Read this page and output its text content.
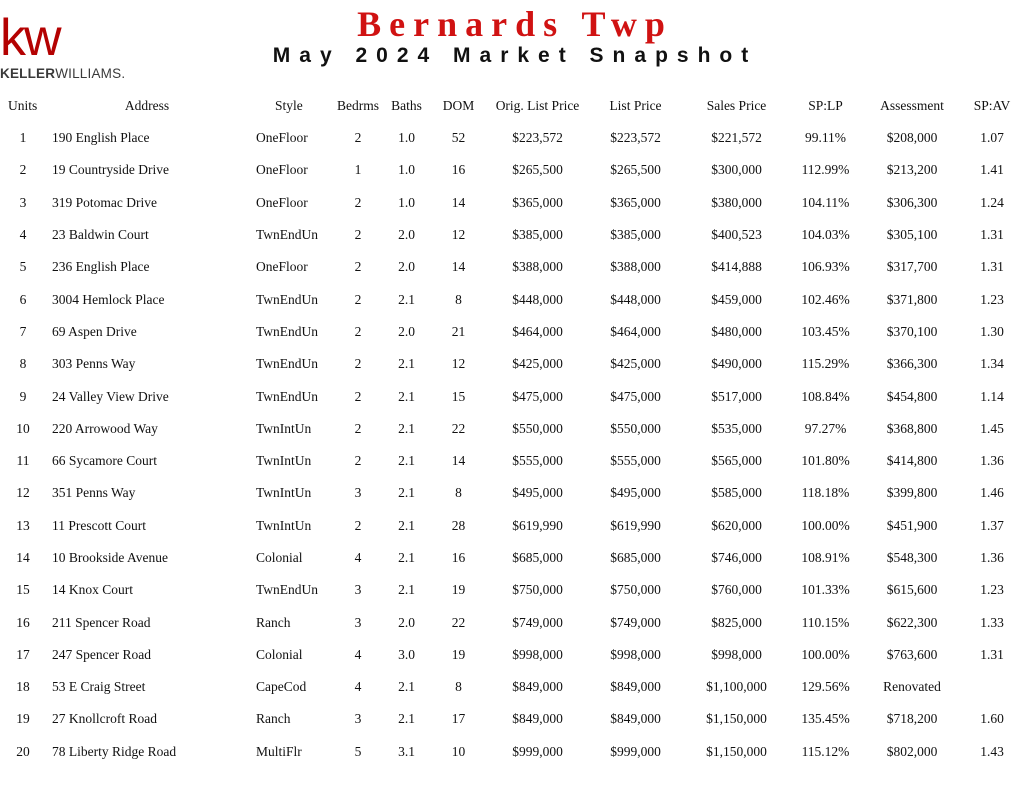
kw
KELLERWILLIAMS.
Bernards Twp
May 2024 Market Snapshot
Units	Address	Style	Bedrms	Baths	DOM	Orig. List Price	List Price	Sales Price	SP:LP	Assessment	SP:AV
1	190 English Place	OneFloor	2	1.0	52	$223,572	$223,572	$221,572	99.11%	$208,000	1.07
2	19 Countryside Drive	OneFloor	1	1.0	16	$265,500	$265,500	$300,000	112.99%	$213,200	1.41
3	319 Potomac Drive	OneFloor	2	1.0	14	$365,000	$365,000	$380,000	104.11%	$306,300	1.24
4	23 Baldwin Court	TwnEndUn	2	2.0	12	$385,000	$385,000	$400,523	104.03%	$305,100	1.31
5	236 English Place	OneFloor	2	2.0	14	$388,000	$388,000	$414,888	106.93%	$317,700	1.31
6	3004 Hemlock Place	TwnEndUn	2	2.1	8	$448,000	$448,000	$459,000	102.46%	$371,800	1.23
7	69 Aspen Drive	TwnEndUn	2	2.0	21	$464,000	$464,000	$480,000	103.45%	$370,100	1.30
8	303 Penns Way	TwnEndUn	2	2.1	12	$425,000	$425,000	$490,000	115.29%	$366,300	1.34
9	24 Valley View Drive	TwnEndUn	2	2.1	15	$475,000	$475,000	$517,000	108.84%	$454,800	1.14
10	220 Arrowood Way	TwnIntUn	2	2.1	22	$550,000	$550,000	$535,000	97.27%	$368,800	1.45
11	66 Sycamore Court	TwnIntUn	2	2.1	14	$555,000	$555,000	$565,000	101.80%	$414,800	1.36
12	351 Penns Way	TwnIntUn	3	2.1	8	$495,000	$495,000	$585,000	118.18%	$399,800	1.46
13	11 Prescott Court	TwnIntUn	2	2.1	28	$619,990	$619,990	$620,000	100.00%	$451,900	1.37
14	10 Brookside Avenue	Colonial	4	2.1	16	$685,000	$685,000	$746,000	108.91%	$548,300	1.36
15	14 Knox Court	TwnEndUn	3	2.1	19	$750,000	$750,000	$760,000	101.33%	$615,600	1.23
16	211 Spencer Road	Ranch	3	2.0	22	$749,000	$749,000	$825,000	110.15%	$622,300	1.33
17	247 Spencer Road	Colonial	4	3.0	19	$998,000	$998,000	$998,000	100.00%	$763,600	1.31
18	53 E Craig Street	CapeCod	4	2.1	8	$849,000	$849,000	$1,100,000	129.56%	Renovated	
19	27 Knollcroft Road	Ranch	3	2.1	17	$849,000	$849,000	$1,150,000	135.45%	$718,200	1.60
20	78 Liberty Ridge Road	MultiFlr	5	3.1	10	$999,000	$999,000	$1,150,000	115.12%	$802,000	1.43
